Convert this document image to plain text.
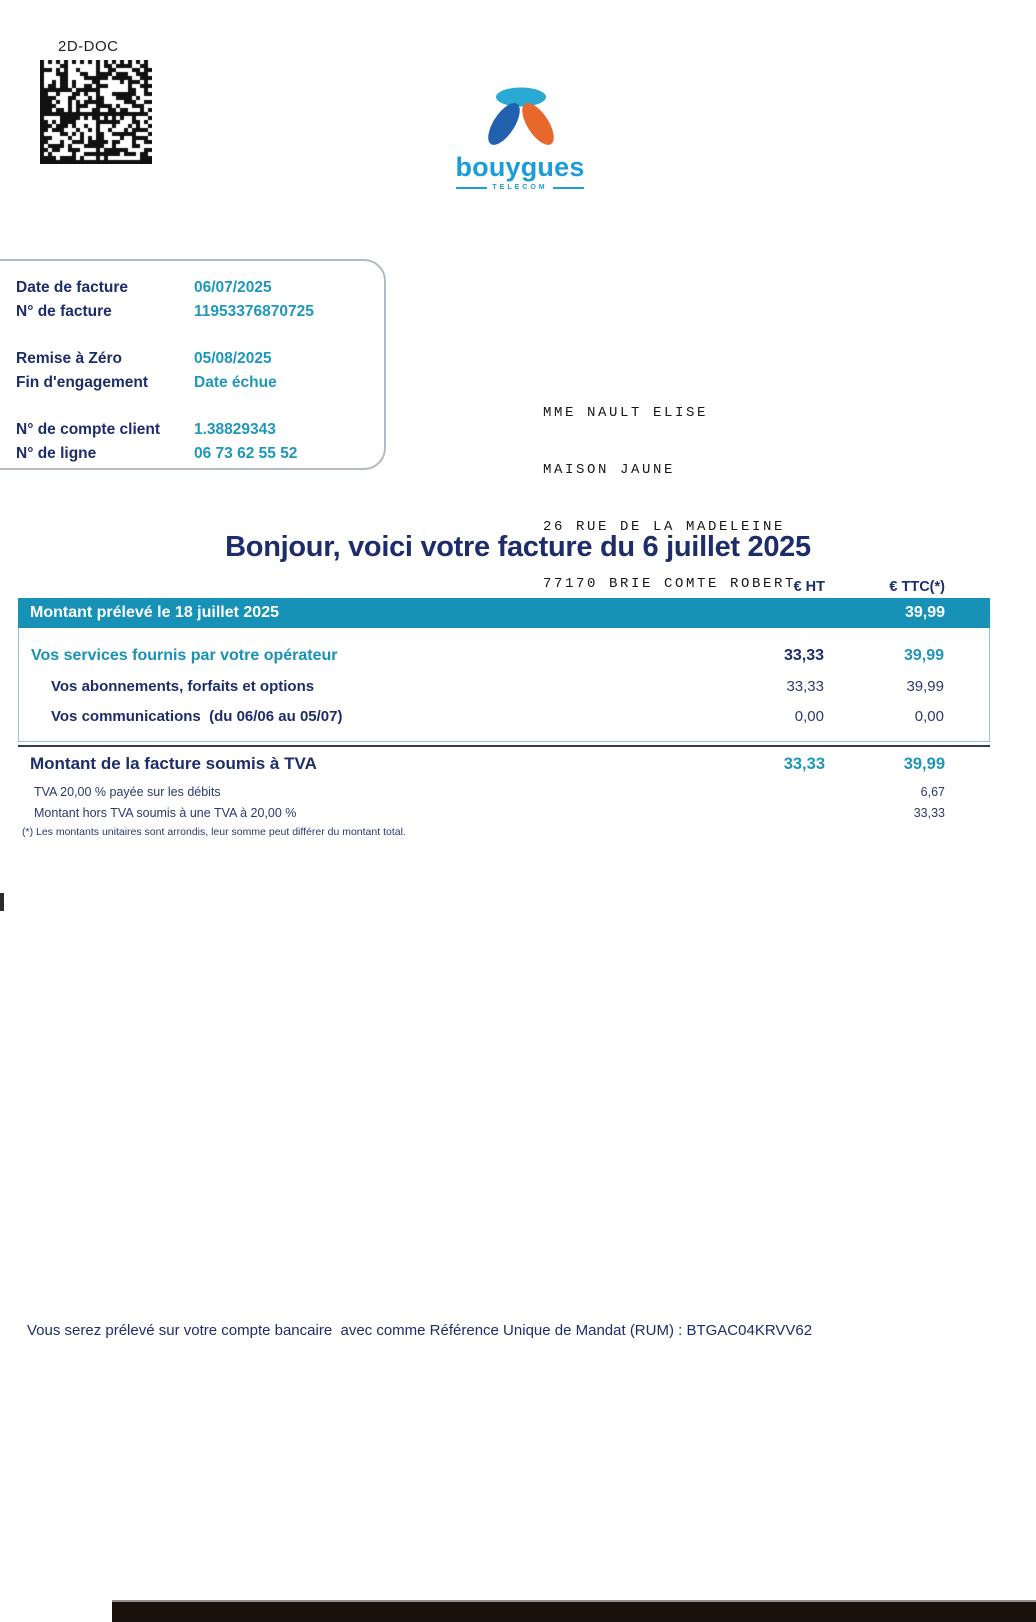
2D-DOC
bouygues
TELECOM
Date de facture	06/07/2025
N° de facture	11953376870725
Remise à Zéro	05/08/2025
Fin d'engagement	Date échue
N° de compte client	1.38829343
N° de ligne	06 73 62 55 52

MME NAULT ELISE

MAISON JAUNE

26 RUE DE LA MADELEINE

77170 BRIE COMTE ROBERT

Bonjour, voici votre facture du 6 juillet 2025
€ HT	€ TTC(*)
Montant prélevé le 18 juillet 2025	39,99
Vos services fournis par votre opérateur	33,33	39,99
Vos abonnements, forfaits et options	33,33	39,99
Vos communications  (du 06/06 au 05/07)	0,00	0,00
Montant de la facture soumis à TVA	33,33	39,99
TVA 20,00 % payée sur les débits	6,67
Montant hors TVA soumis à une TVA à 20,00 %	33,33
(*) Les montants unitaires sont arrondis, leur somme peut différer du montant total.
Vous serez prélevé sur votre compte bancaire  avec comme Référence Unique de Mandat (RUM) : BTGAC04KRVV62
